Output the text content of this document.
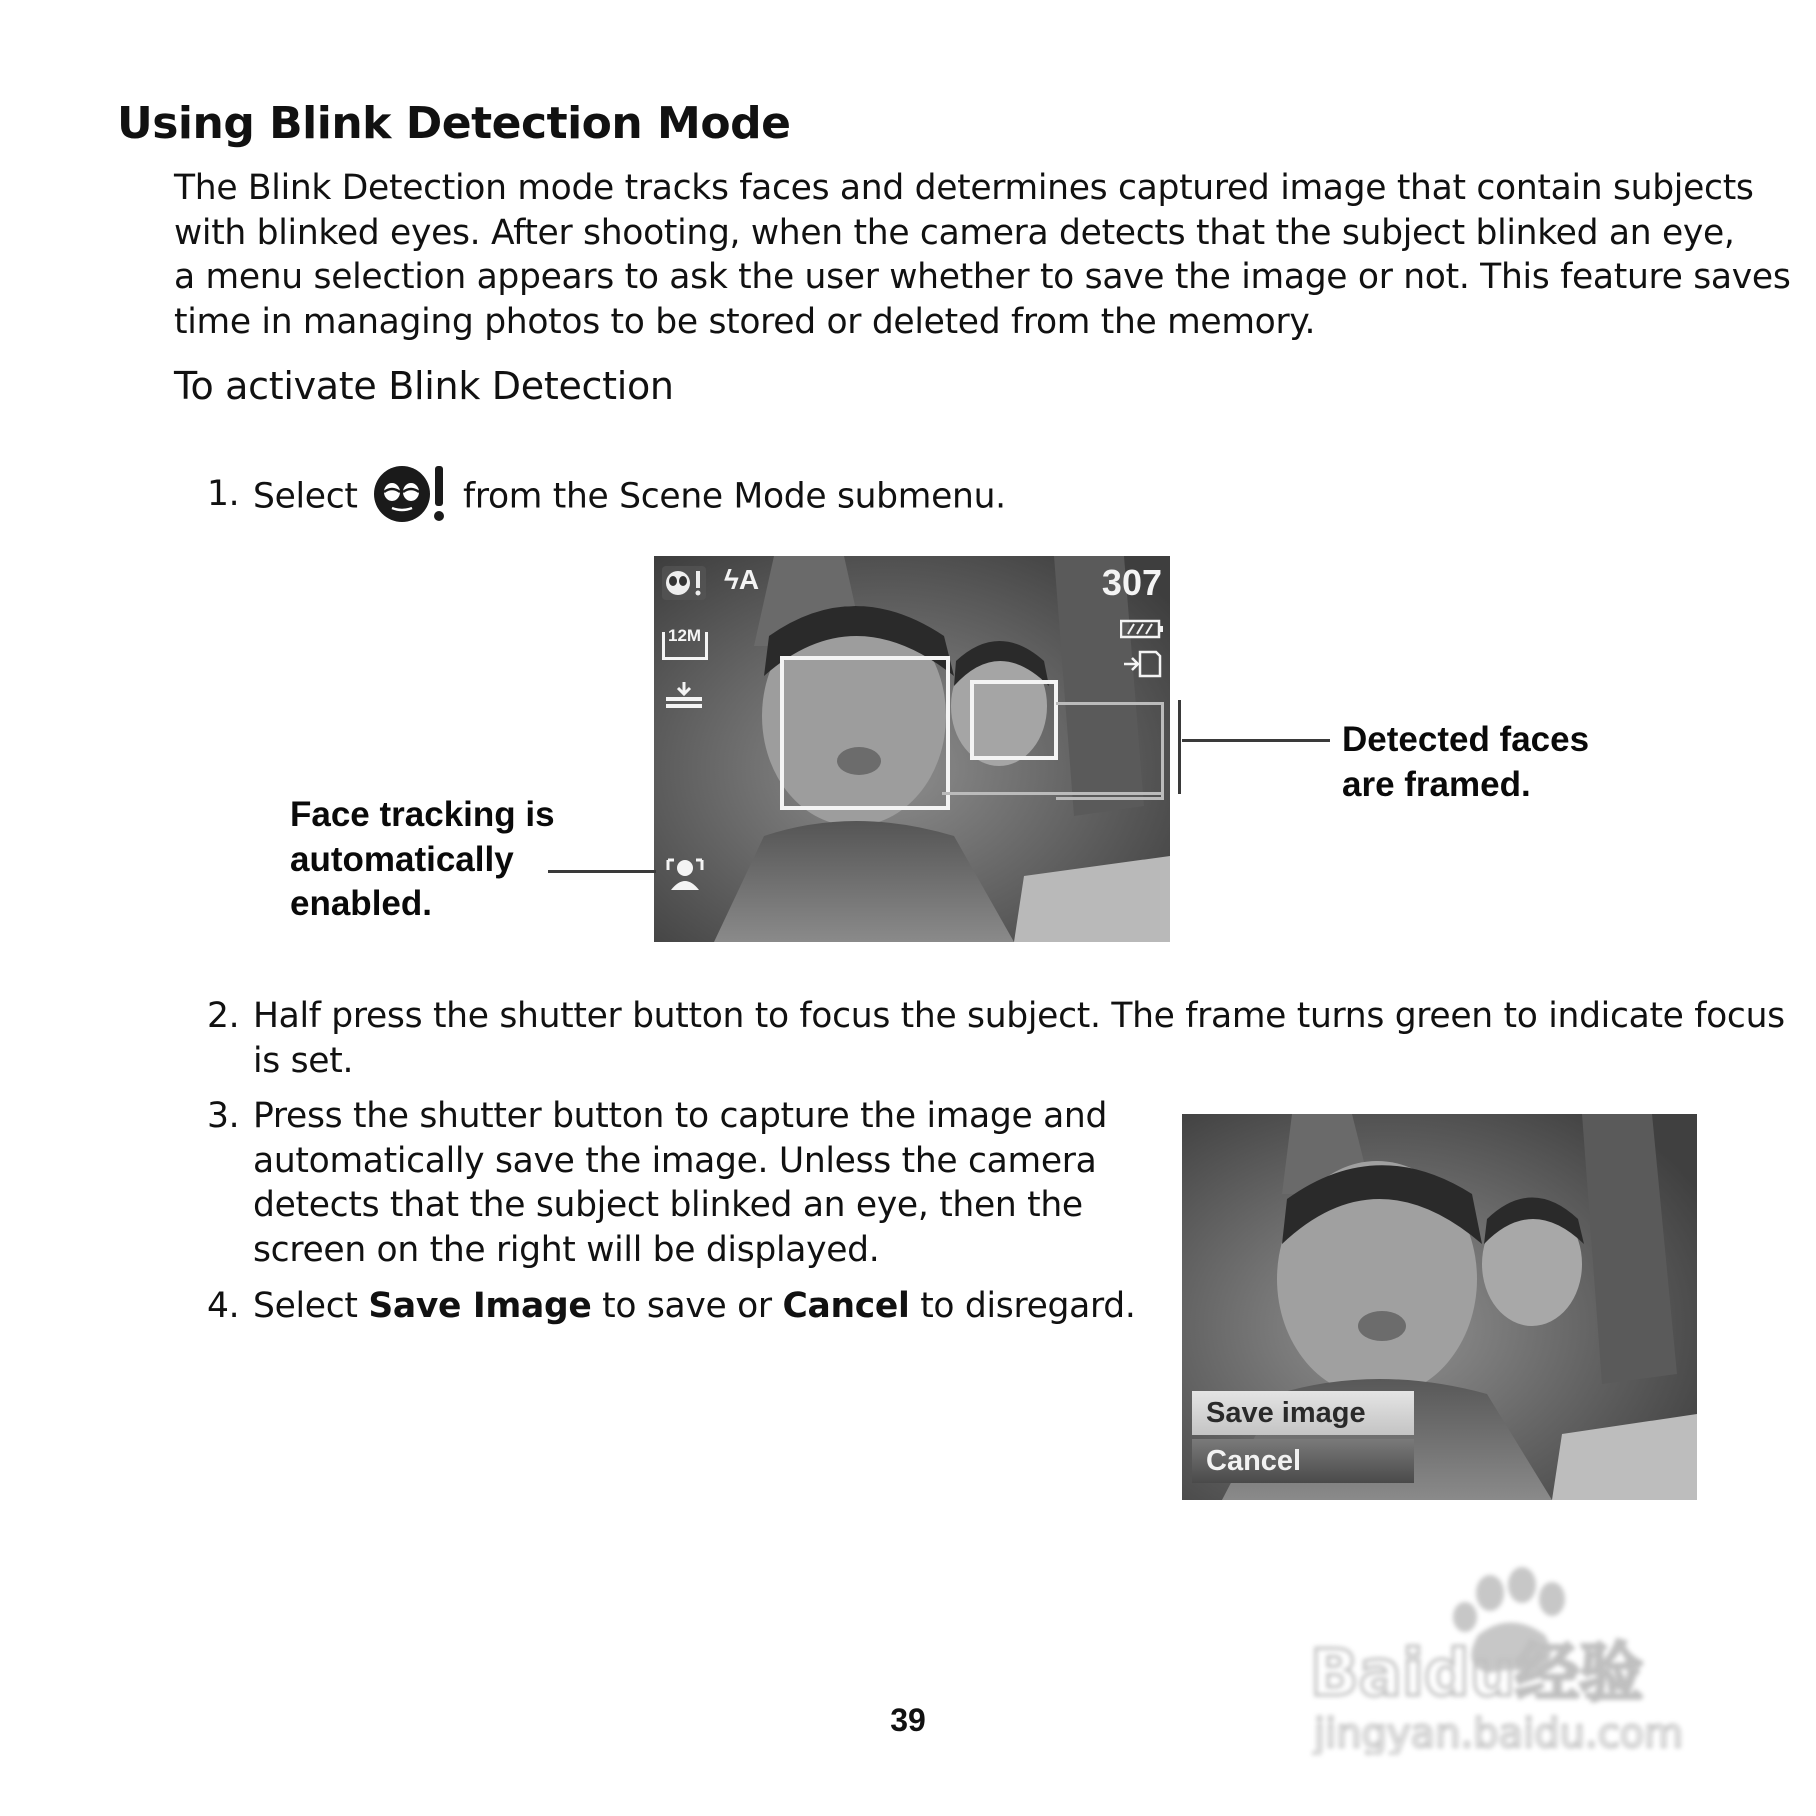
Using Blink Detection Mode
The Blink Detection mode tracks faces and determines captured image that contain subjects
with blinked eyes. After shooting, when the camera detects that the subject blinked an eye,
a menu selection appears to ask the user whether to save the image or not. This feature saves
time in managing photos to be stored or deleted from the memory.
To activate Blink Detection
1. Select	from the Scene Mode submenu.
ϟA	307
12M
Face tracking is
automatically
enabled.
Detected faces
are framed.
2. Half press the shutter button to focus the subject. The frame turns green to indicate focus
is set.
3. Press the shutter button to capture the image and
automatically save the image. Unless the camera
detects that the subject blinked an eye, then the
screen on the right will be displayed.
4. Select Save Image to save or Cancel to disregard.
Save image
Cancel
39
Baidu经验
jingyan.baidu.com
